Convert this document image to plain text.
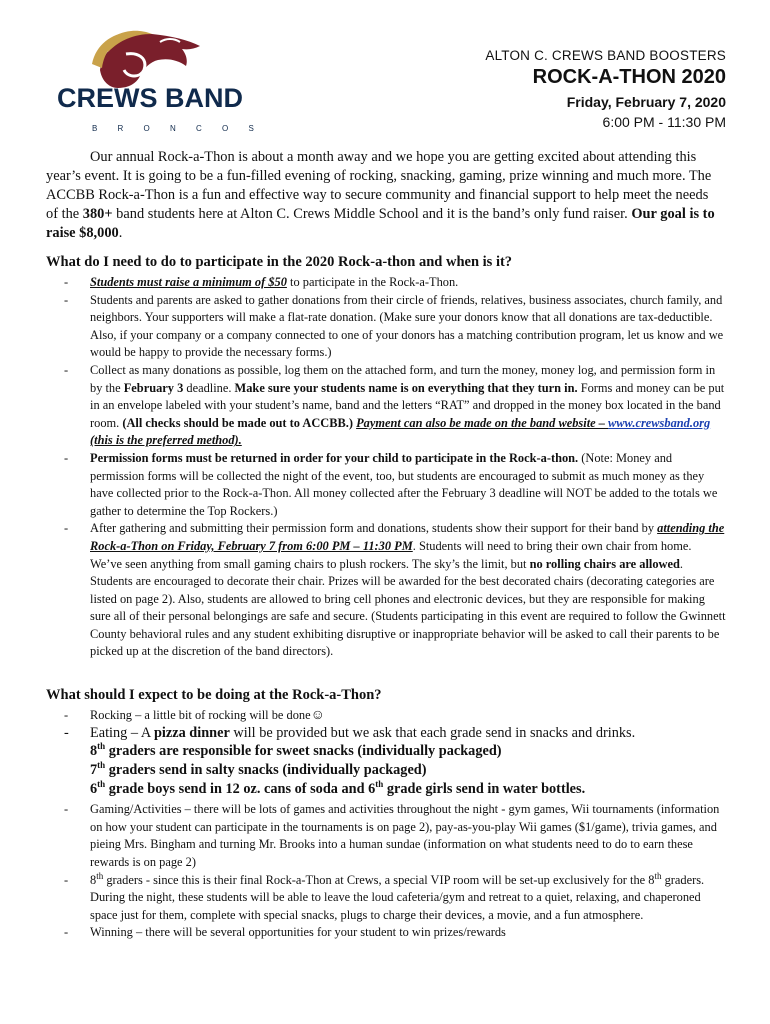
CREWS BAND
B R O N C O S
ALTON C. CREWS BAND BOOSTERS
ROCK-A-THON 2020
Friday, February 7, 2020
6:00 PM - 11:30 PM

Our annual Rock-a-Thon is about a month away and we hope you are getting excited about attending this year’s event. It is going to be a fun-filled evening of rocking, snacking, gaming, prize winning and much more. The ACCBB Rock-a-Thon is a fun and effective way to secure community and financial support to help meet the needs of the 380+ band students here at Alton C. Crews Middle School and it is the band’s only fund raiser. Our goal is to raise $8,000.

What do I need to do to participate in the 2020 Rock-a-thon and when is it?

- Students must raise a minimum of $50 to participate in the Rock-a-Thon.
- Students and parents are asked to gather donations from their circle of friends, relatives, business associates, church family, and neighbors. Your supporters will make a flat-rate donation. (Make sure your donors know that all donations are tax-deductible. Also, if your company or a company connected to one of your donors has a matching contribution program, let us know and we would be happy to provide the necessary forms.)
- Collect as many donations as possible, log them on the attached form, and turn the money, money log, and permission form in by the February 3 deadline. Make sure your students name is on everything that they turn in. Forms and money can be put in an envelope labeled with your student’s name, band and the letters “RAT” and dropped in the money box located in the band room. (All checks should be made out to ACCBB.) Payment can also be made on the band website – www.crewsband.org (this is the preferred method).
- Permission forms must be returned in order for your child to participate in the Rock-a-thon. (Note: Money and permission forms will be collected the night of the event, too, but students are encouraged to submit as much money as they have collected prior to the Rock-a-Thon. All money collected after the February 3 deadline will NOT be added to the totals we gather to determine the Top Rockers.)
- After gathering and submitting their permission form and donations, students show their support for their band by attending the Rock-a-Thon on Friday, February 7 from 6:00 PM – 11:30 PM. Students will need to bring their own chair from home. We’ve seen anything from small gaming chairs to plush rockers. The sky’s the limit, but no rolling chairs are allowed. Students are encouraged to decorate their chair. Prizes will be awarded for the best decorated chairs (decorating categories are listed on page 2). Also, students are allowed to bring cell phones and electronic devices, but they are responsible for making sure all of their personal belongings are safe and secure. (Students participating in this event are required to follow the Gwinnett County behavioral rules and any student exhibiting disruptive or inappropriate behavior will be asked to call their parents to be picked up at the discretion of the band directors).

What should I expect to be doing at the Rock-a-Thon?

- Rocking – a little bit of rocking will be done☺
- Eating – A pizza dinner will be provided but we ask that each grade send in snacks and drinks.
8th graders are responsible for sweet snacks (individually packaged)
7th graders send in salty snacks (individually packaged)
6th grade boys send in 12 oz. cans of soda and 6th grade girls send in water bottles.
- Gaming/Activities – there will be lots of games and activities throughout the night - gym games, Wii tournaments (information on how your student can participate in the tournaments is on page 2), pay-as-you-play Wii games ($1/game), trivia games, and pieing Mrs. Bingham and turning Mr. Brooks into a human sundae (information on what students need to do to earn these rewards is on page 2)
- 8th graders - since this is their final Rock-a-Thon at Crews, a special VIP room will be set-up exclusively for the 8th graders. During the night, these students will be able to leave the loud cafeteria/gym and retreat to a quiet, relaxing, and chaperoned space just for them, complete with special snacks, plugs to charge their devices, a movie, and a fun atmosphere.
- Winning – there will be several opportunities for your student to win prizes/rewards
